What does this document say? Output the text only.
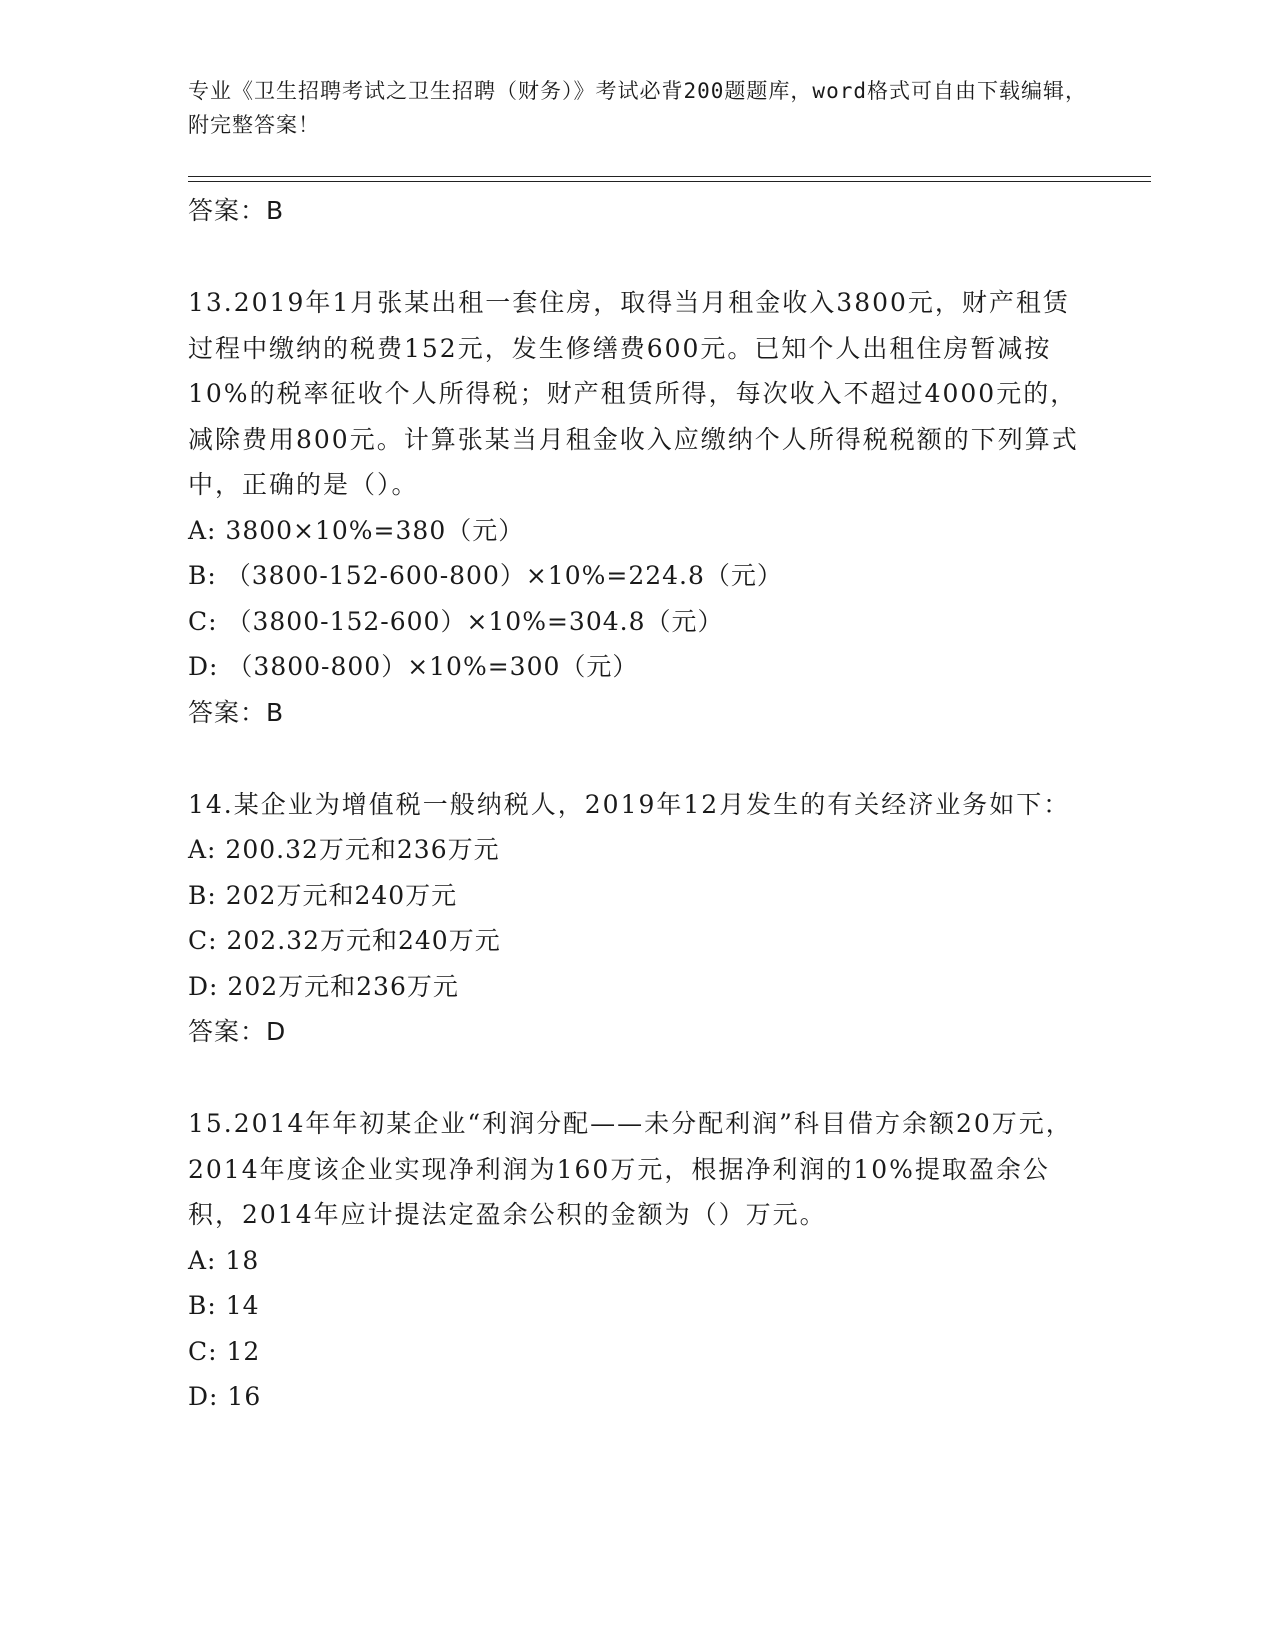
专业《卫生招聘考试之卫生招聘（财务）》考试必背200题题库，word格式可自由下载编辑，附完整答案！
答案：B
13.2019年1月张某出租一套住房，取得当月租金收入3800元，财产租赁过程中缴纳的税费152元，发生修缮费600元。已知个人出租住房暂减按10%的税率征收个人所得税；财产租赁所得，每次收入不超过4000元的，减除费用800元。计算张某当月租金收入应缴纳个人所得税税额的下列算式中，正确的是（）。
A: 3800×10%=380（元）
B: （3800-152-600-800）×10%=224.8（元）
C: （3800-152-600）×10%=304.8（元）
D: （3800-800）×10%=300（元）
答案：B
14.某企业为增值税一般纳税人，2019年12月发生的有关经济业务如下：
A: 200.32万元和236万元
B: 202万元和240万元
C: 202.32万元和240万元
D: 202万元和236万元
答案：D
15.2014年年初某企业“利润分配——未分配利润”科目借方余额20万元，2014年度该企业实现净利润为160万元，根据净利润的10%提取盈余公积，2014年应计提法定盈余公积的金额为（）万元。
A: 18
B: 14
C: 12
D: 16
